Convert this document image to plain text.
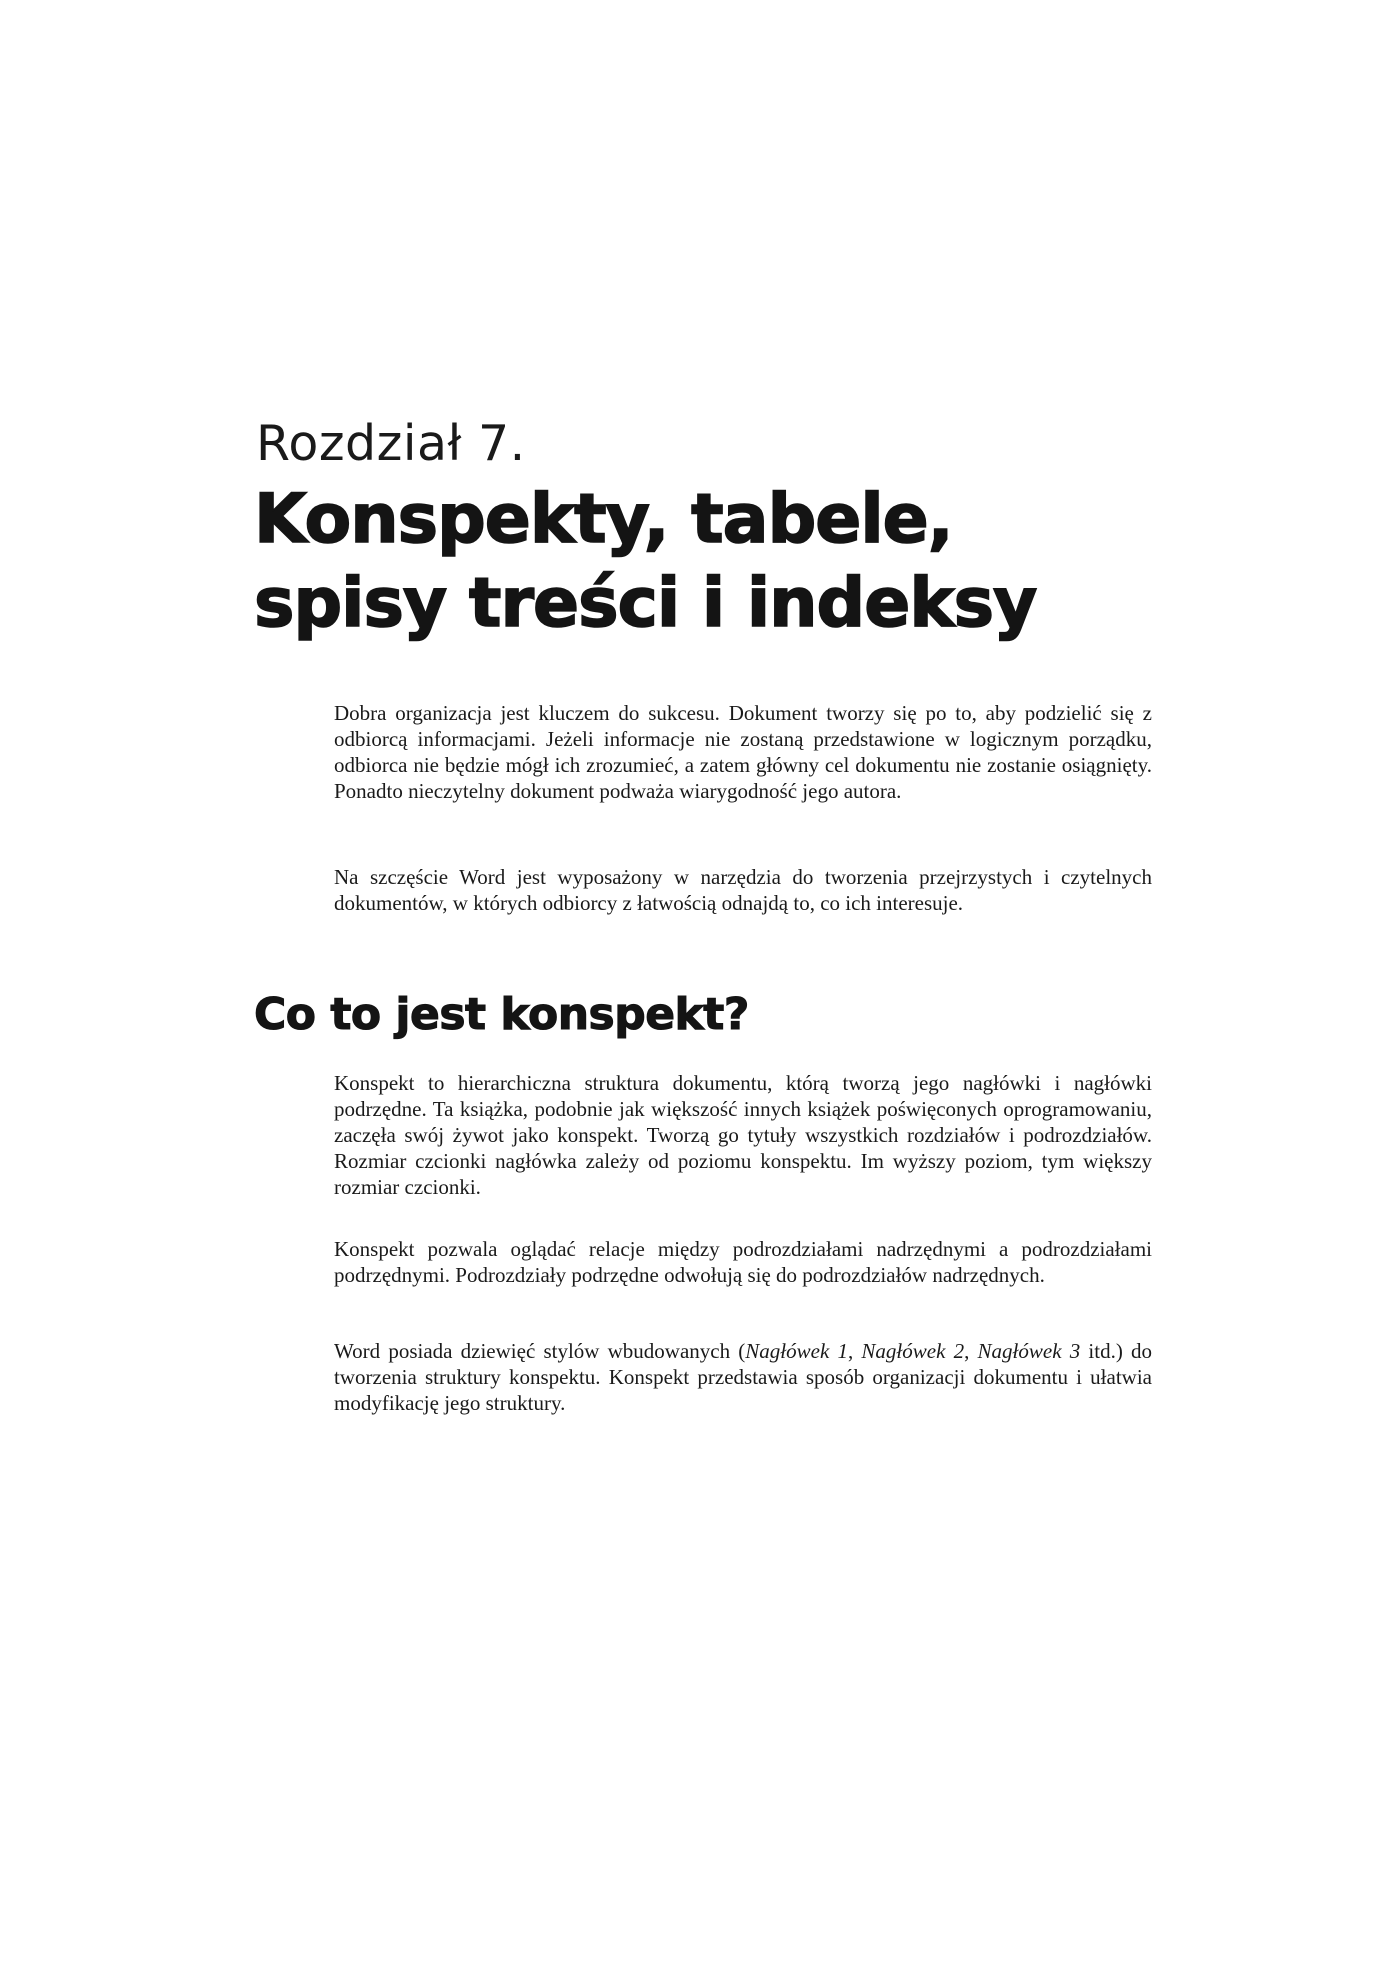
Rozdział 7.
Konspekty, tabele,
spisy treści i indeksy

Dobra organizacja jest kluczem do sukcesu. Dokument tworzy się po to, aby podzielić się z odbiorcą informacjami. Jeżeli informacje nie zostaną przedstawione w logicznym porządku, odbiorca nie będzie mógł ich zrozumieć, a zatem główny cel dokumentu nie zostanie osiągnięty. Ponadto nieczytelny dokument podważa wiarygodność jego autora.

Na szczęście Word jest wyposażony w narzędzia do tworzenia przejrzystych i czytelnych dokumentów, w których odbiorcy z łatwością odnajdą to, co ich interesuje.

Co to jest konspekt?

Konspekt to hierarchiczna struktura dokumentu, którą tworzą jego nagłówki i nagłówki podrzędne. Ta książka, podobnie jak większość innych książek poświęconych oprogramowaniu, zaczęła swój żywot jako konspekt. Tworzą go tytuły wszystkich rozdziałów i podrozdziałów. Rozmiar czcionki nagłówka zależy od poziomu konspektu. Im wyższy poziom, tym większy rozmiar czcionki.

Konspekt pozwala oglądać relacje między podrozdziałami nadrzędnymi a podrozdziałami podrzędnymi. Podrozdziały podrzędne odwołują się do podrozdziałów nadrzędnych.

Word posiada dziewięć stylów wbudowanych (Nagłówek 1, Nagłówek 2, Nagłówek 3 itd.) do tworzenia struktury konspektu. Konspekt przedstawia sposób organizacji dokumentu i ułatwia modyfikację jego struktury.
